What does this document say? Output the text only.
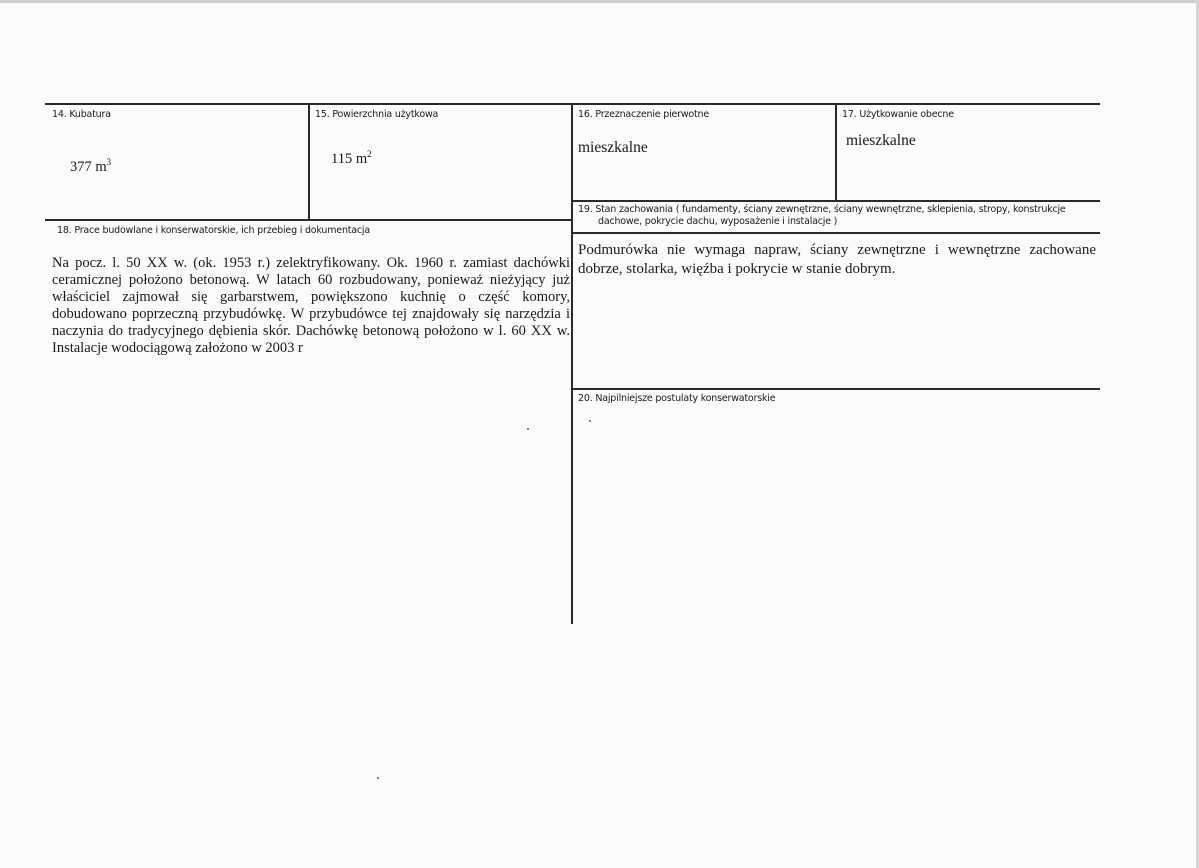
14. Kubatura
377 $m^3$
15. Powierzchnia użytkowa
115 $m^2$
16. Przeznaczenie pierwotne
mieszkalne
17. Użytkowanie obecne
mieszkalne
18. Prace budowlane i konserwatorskie, ich przebieg i dokumentacja
Na pocz. l. 50 XX w. (ok. 1953 r.) zelektryfikowany. Ok. 1960 r. zamiast dachówki ceramicznej położono betonową. W latach 60 rozbudowany, ponieważ nieżyjący już właściciel zajmował się garbarstwem, powiększono kuchnię o część komory, dobudowano poprzeczną przybudówkę. W przybudówce tej znajdowały się narzędzia i naczynia do tradycyjnego dębienia skór. Dachówkę betonową położono w l. 60 XX w. Instalacje wodociągową założono w 2003 r
19. Stan zachowania ( fundamenty, ściany zewnętrzne, ściany wewnętrzne, sklepienia, stropy, konstrukcje
dachowe, pokrycie dachu, wyposażenie i instalacje )
Podmurówka nie wymaga napraw, ściany zewnętrzne i wewnętrzne zachowane dobrze, stolarka, więźba i pokrycie w stanie dobrym.
20. Najpilniejsze postulaty konserwatorskie
